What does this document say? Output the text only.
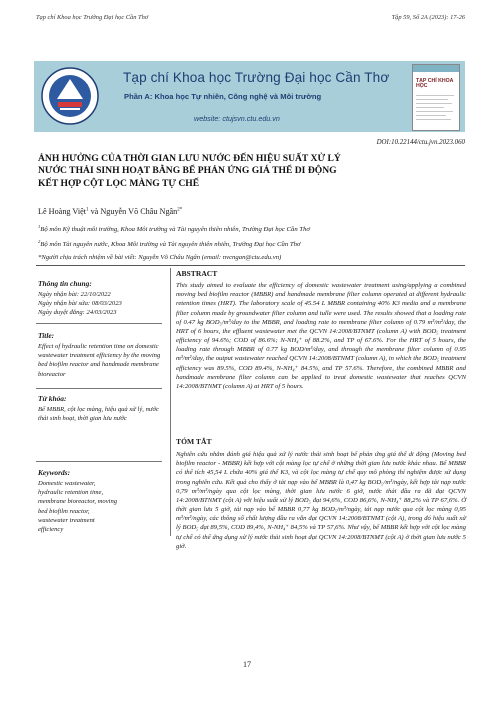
Tạp chí Khoa học Trường Đại học Cần Thơ	Tập 59, Số 2A (2023): 17-26
Tạp chí Khoa học Trường Đại học Cần Thơ
Phần A: Khoa học Tự nhiên, Công nghệ và Môi trường
website: ctujsvn.ctu.edu.vn
TẠP CHÍ KHOA HỌC
DOI:10.22144/ctu.jvn.2023.060
ẢNH HƯỞNG CỦA THỜI GIAN LƯU NƯỚC ĐẾN HIỆU SUẤT XỬ LÝ
NƯỚC THẢI SINH HOẠT BẰNG BỂ PHẢN ỨNG GIÁ THỂ DI ĐỘNG
KẾT HỢP CỘT LỌC MÀNG TỰ CHẾ
Lê Hoàng Việt$^1$ và Nguyễn Võ Châu Ngân$^{2*}$
$^1$Bộ môn Kỹ thuật môi trường, Khoa Môi trường và Tài nguyên thiên nhiên, Trường Đại học Cần Thơ
$^2$Bộ môn Tài nguyên nước, Khoa Môi trường và Tài nguyên thiên nhiên, Trường Đại học Cần Thơ
*Người chịu trách nhiệm về bài viết: Nguyễn Võ Châu Ngân (email: nvcngan@ctu.edu.vn)
Thông tin chung:
Ngày nhận bài: 22/10/2022
Ngày nhận bài sửa: 08/03/2023
Ngày duyệt đăng: 24/03/2023
Title:
Effect of hydraulic retention time on domestic wastewater treatment efficiency by the moving bed biofilm reactor and handmade membrane bioreactor
Từ khóa:
Bể MBBR, cột lọc màng, hiệu quả xử lý, nước thải sinh hoạt, thời gian lưu nước
Keywords:
Domestic wastewater,
hydraulic retention time,
membrane bioreactor, moving
bed biofilm reactor,
wastewater treatment
efficiency
ABSTRACT
This study aimed to evaluate the efficiency of domestic wastewater treatment using/applying a combined moving bed biofilm reactor (MBBR) and handmade membrane filter column operated at different hydraulic retention times (HRT). The laboratory scale of 45.54 L MBBR containing 40% K3 media and a membrane filter column made by groundwater filter column and tulle were used. The results showed that a loading rate of 0.47 kg BOD₅/m³/day to the MBBR, and loading rate to membrane filter column of 0.79 m³/m²/day, the HRT of 6 hours, the effluent wastewater met the QCVN 14:2008/BTNMT (column A) with BOD₅ treatment efficiency of 94.6%; COD of 86.6%; N-NH₄⁺ of 88.2%, and TP of 67.6%. For the HRT of 5 hours, the loading rate through MBBR of 0.77 kg BOD/m³/day, and through the membrane filter column of 0.95 m³/m²/day, the output wastewater reached QCVN 14:2008/BTNMT (column A), in which the BOD₅ treatment efficiency was 89.5%, COD 89.4%, N-NH₄⁺ 84.5%, and TP 57.6%. Therefore, the combined MBBR and handmade membrane filter column can be applied to treat domestic wastewater that reaches QCVN 14:2008/BTNMT (column A) at HRT of 5 hours.
TÓM TẮT
Nghiên cứu nhằm đánh giá hiệu quả xử lý nước thải sinh hoạt bể phản ứng giá thể di động (Moving bed biofilm reactor - MBBR) kết hợp với cột màng lọc tự chế ở những thời gian lưu nước khác nhau. Bể MBBR có thể tích 45,54 L chứa 40% giá thể K3, và cột lọc màng tự chế quy mô phòng thí nghiệm được sử dụng trong nghiên cứu. Kết quả cho thấy ở tải nạp vào bể MBBR là 0,47 kg BOD₅/m³/ngày, kết hợp tải nạp nước 0,79 m³/m²/ngày qua cột lọc màng, thời gian lưu nước 6 giờ, nước thải đầu ra đã đạt QCVN 14:2008/BTNMT (cột A) với hiệu suất xử lý BOD₅ đạt 94,6%, COD 86,6%, N-NH₄⁺ 88,2% và TP 67,6%. Ở thời gian lưu 5 giờ, tải nạp vào bể MBBR 0,77 kg BOD₅/m³/ngày, tải nạp nước qua cột lọc màng 0,95 m³/m²/ngày, các thông số chất lượng đầu ra vẫn đạt QCVN 14:2008/BTNMT (cột A), trong đó hiệu suất xử lý BOD₅ đạt 89,5%, COD 89,4%, N-NH₄⁺ 84,5% và TP 57,6%. Như vậy, bể MBBR kết hợp với cột lọc màng tự chế có thể ứng dụng xử lý nước thải sinh hoạt đạt QCVN 14:2008/BTNMT (cột A) ở thời gian lưu nước 5 giờ.
17
